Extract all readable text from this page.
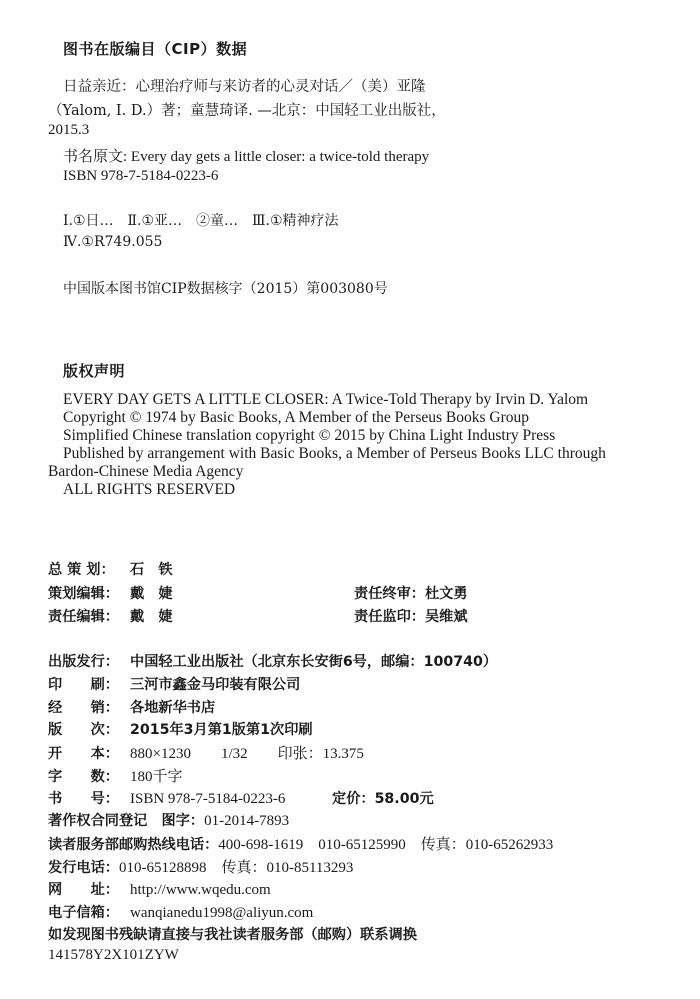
图书在版编目（CIP）数据
日益亲近：心理治疗师与来访者的心灵对话／（美）亚隆
（Yalom, I. D.）著；童慧琦译. —北京：中国轻工业出版社，
2015.3
书名原文: Every day gets a little closer: a twice-told therapy
ISBN 978-7-5184-0223-6
Ⅰ.①日…　Ⅱ.①亚…　②童…　Ⅲ.①精神疗法
Ⅳ.①R749.055
中国版本图书馆CIP数据核字（2015）第003080号
版权声明
EVERY DAY GETS A LITTLE CLOSER: A Twice-Told Therapy by Irvin D. Yalom
Copyright © 1974 by Basic Books, A Member of the Perseus Books Group
Simplified Chinese translation copyright © 2015 by China Light Industry Press
Published by arrangement with Basic Books, a Member of Perseus Books LLC through
Bardon-Chinese Media Agency
ALL RIGHTS RESERVED
总 策 划： 石　铁
策划编辑： 戴　婕	责任终审：杜文勇
责任编辑： 戴　婕	责任监印：吴维斌
出版发行： 中国轻工业出版社（北京东长安街6号，邮编：100740）
印　　刷： 三河市鑫金马印装有限公司
经　　销： 各地新华书店
版　　次： 2015年3月第1版第1次印刷
开　　本： 880×1230　　1/32　　印张：13.375
字　　数： 180千字
书　　号： ISBN 978-7-5184-0223-6	定价：58.00元
著作权合同登记　图字：01-2014-7893
读者服务部邮购热线电话：400-698-1619　010-65125990　传真：010-65262933
发行电话：010-65128898　传真：010-85113293
网　　址： http://www.wqedu.com
电子信箱： wanqianedu1998@aliyun.com
如发现图书残缺请直接与我社读者服务部（邮购）联系调换
141578Y2X101ZYW
